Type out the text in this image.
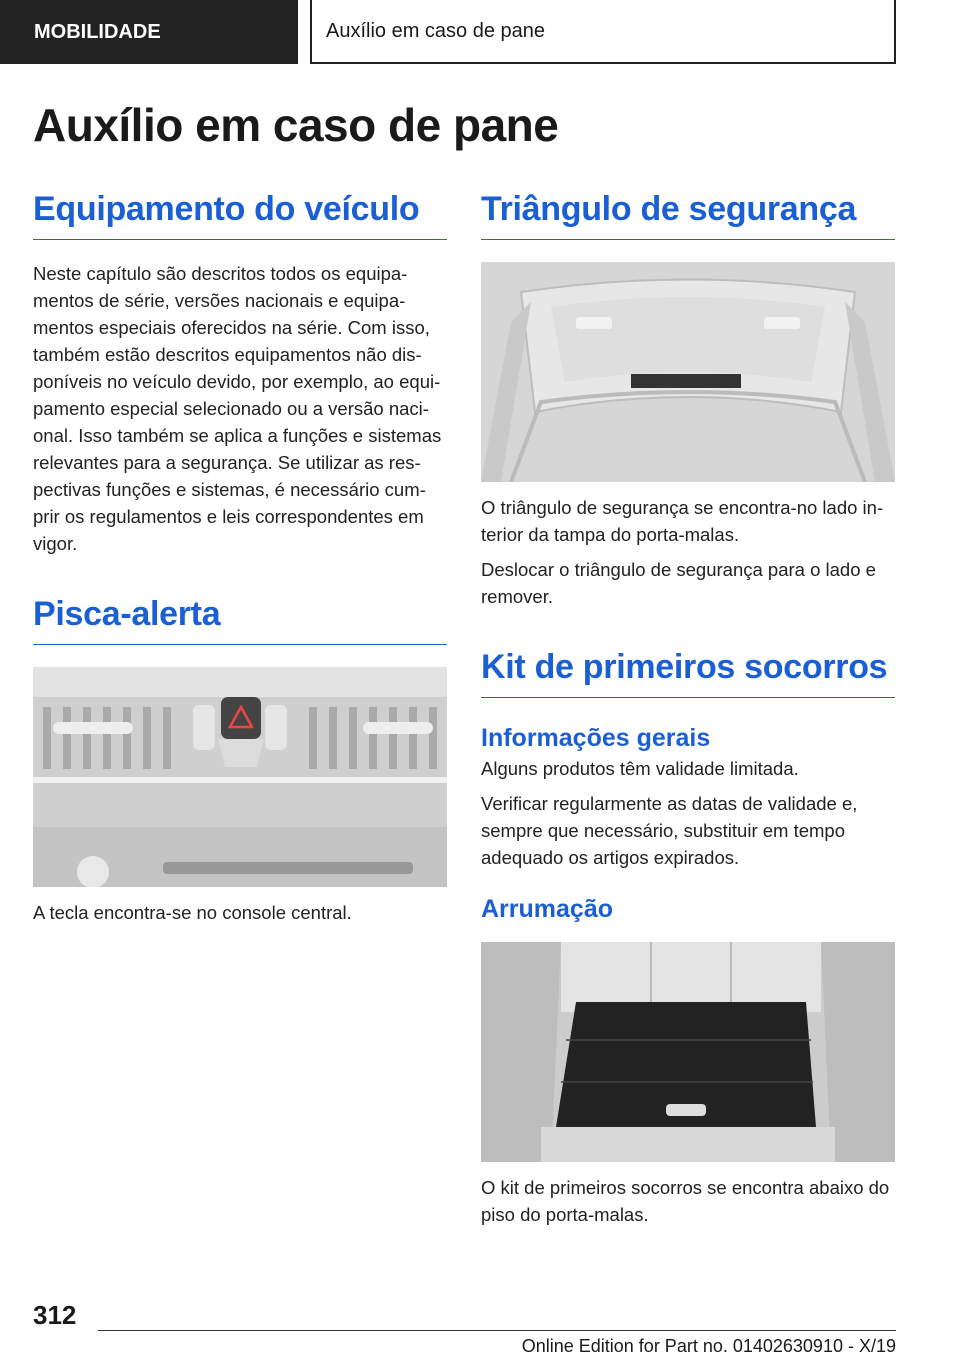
MOBILIDADE	Auxílio em caso de pane
Auxílio em caso de pane
Equipamento do veículo

Neste capítulo são descritos todos os equipa-mentos de série, versões nacionais e equipa-mentos especiais oferecidos na série. Com isso, também estão descritos equipamentos não dis-poníveis no veículo devido, por exemplo, ao equi-pamento especial selecionado ou a versão naci-onal. Isso também se aplica a funções e sistemas relevantes para a segurança. Se utilizar as res-pectivas funções e sistemas, é necessário cum-prir os regulamentos e leis correspondentes em vigor.

Pisca-alerta

A tecla encontra-se no console central.

Triângulo de segurança

O triângulo de segurança se encontra-no lado in-terior da tampa do porta-malas.

Deslocar o triângulo de segurança para o lado e remover.

Kit de primeiros socorros
Informações gerais

Alguns produtos têm validade limitada.

Verificar regularmente as datas de validade e, sempre que necessário, substituir em tempo adequado os artigos expirados.

Arrumação

O kit de primeiros socorros se encontra abaixo do piso do porta-malas.

312
Online Edition for Part no. 01402630910 - X/19
